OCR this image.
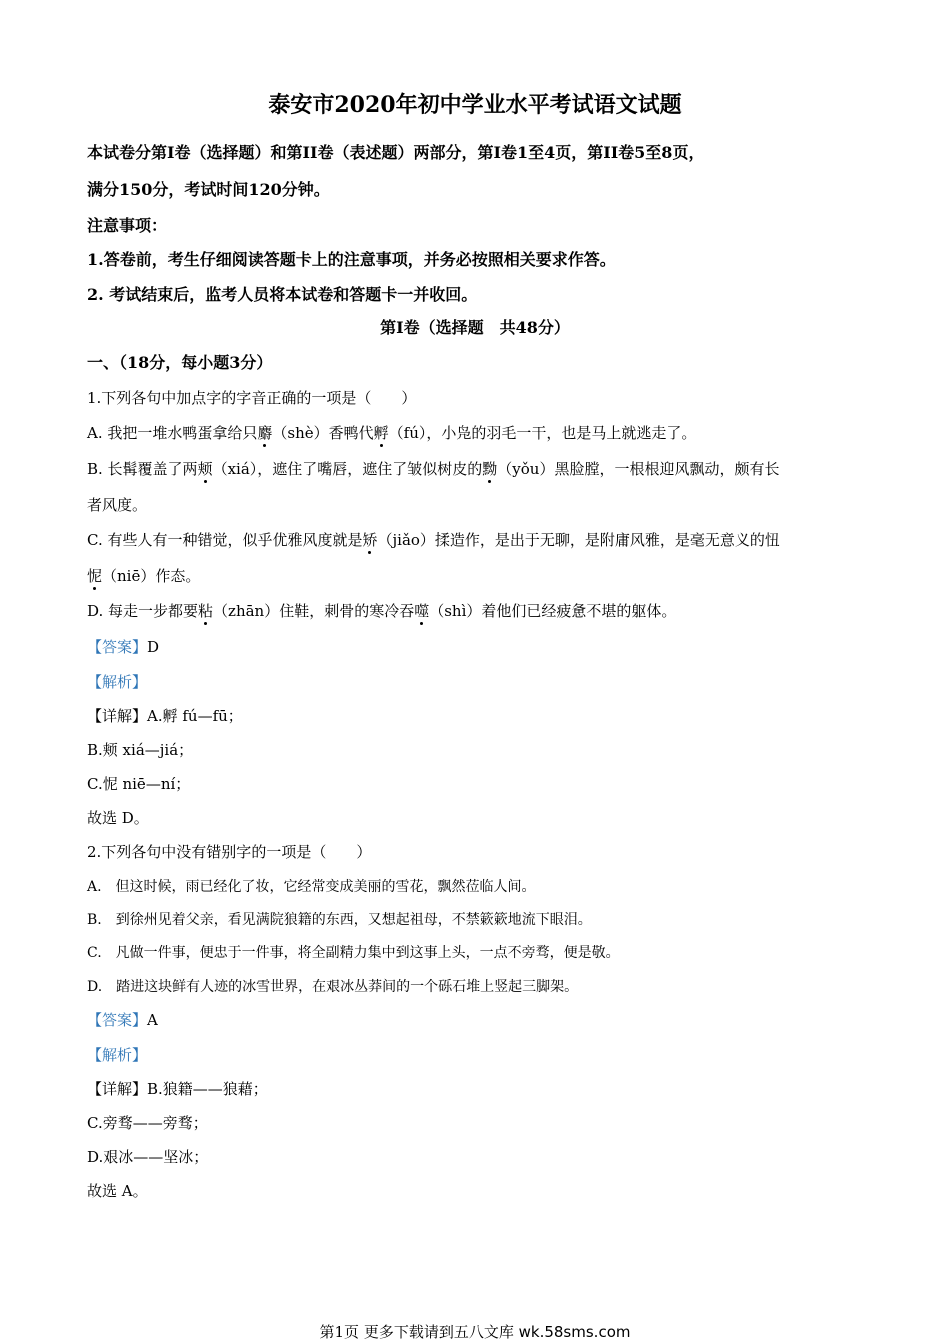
泰安市2020年初中学业水平考试语文试题
本试卷分第Ⅰ卷（选择题）和第II卷（表述题）两部分，第Ⅰ卷1至4页，第II卷5至8页，
满分150分，考试时间120分钟。
注意事项：
1.答卷前，考生仔细阅读答题卡上的注意事项，并务必按照相关要求作答。
2. 考试结束后，监考人员将本试卷和答题卡一并收回。
第Ⅰ卷（选择题　共48分）
一、（18分，每小题3分）
1.下列各句中加点字的字音正确的一项是（　　）
A. 我把一堆水鸭蛋拿给只麝（shè）香鸭代孵（fú），小凫的羽毛一干，也是马上就逃走了。
B. 长髯覆盖了两颊（xiá），遮住了嘴唇，遮住了皱似树皮的黝（yǒu）黑脸膛，一根根迎风飘动，颇有长
者风度。
C. 有些人有一种错觉，似乎优雅风度就是矫（jiǎo）揉造作，是出于无聊，是附庸风雅，是毫无意义的忸
怩（niē）作态。
D. 每走一步都要粘（zhān）住鞋，刺骨的寒冷吞噬（shì）着他们已经疲惫不堪的躯体。
【答案】D
【解析】
【详解】A.孵 fú—fū；
B.颊 xiá—jiá；
C.怩 niē—ní；
故选 D。
2.下列各句中没有错别字的一项是（　　）
A.　但这时候，雨已经化了妆，它经常变成美丽的雪花，飘然莅临人间。
B.　到徐州见着父亲，看见满院狼籍的东西，又想起祖母，不禁簌簌地流下眼泪。
C.　凡做一件事，便忠于一件事，将全副精力集中到这事上头，一点不旁骛，便是敬。
D.　踏进这块鲜有人迹的冰雪世界，在艰冰丛莽间的一个砾石堆上竖起三脚架。
【答案】A
【解析】
【详解】B.狼籍——狼藉；
C.旁骛——旁骛；
D.艰冰——坚冰；
故选 A。
第1页 更多下载请到五八文库 wk.58sms.com
